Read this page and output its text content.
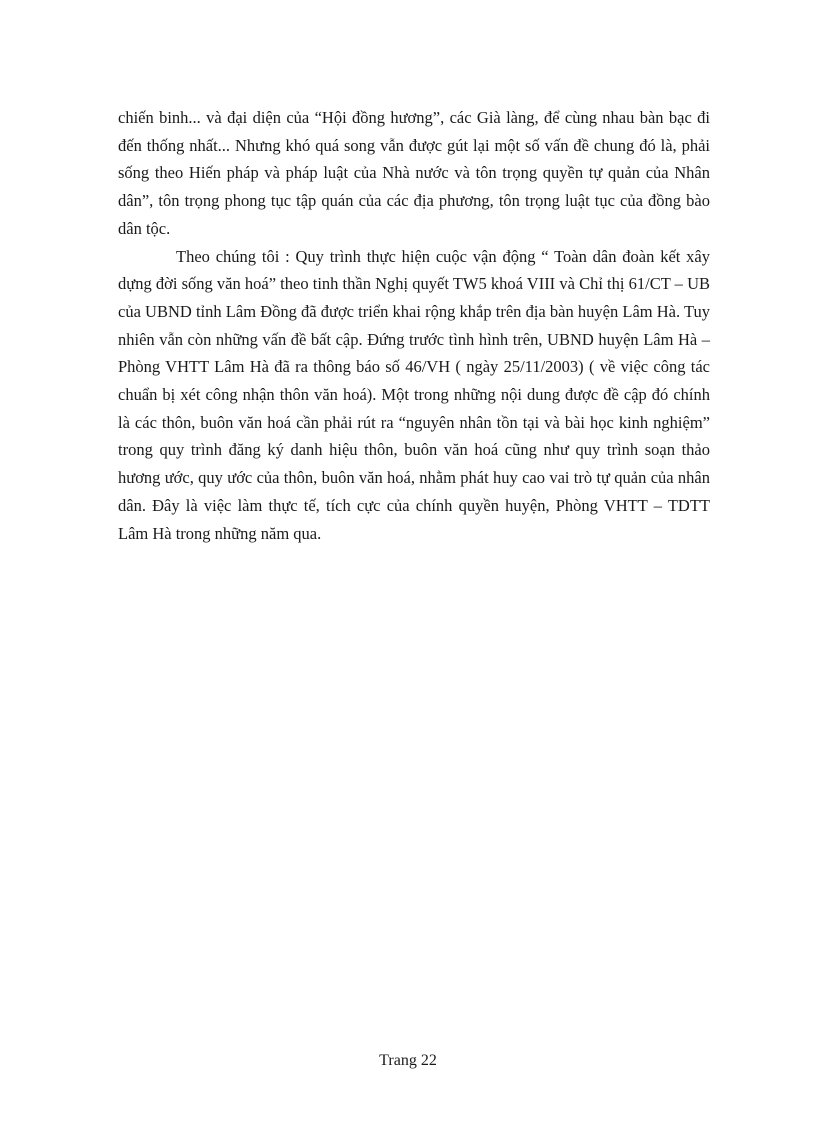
chiến binh... và đại diện của “Hội đồng hương”, các Già làng, để cùng nhau bàn bạc đi đến thống nhất... Nhưng khó quá song vẫn được gút lại một số vấn đề chung đó là, phải sống theo Hiến pháp và pháp luật của Nhà nước và tôn trọng quyền tự quản của Nhân dân”, tôn trọng phong tục tập quán của các địa phương, tôn trọng luật tục của đồng bào dân tộc.

Theo chúng tôi : Quy trình thực hiện cuộc vận động “ Toàn dân đoàn kết xây dựng đời sống văn hoá” theo tinh thần Nghị quyết TW5 khoá VIII và Chỉ thị 61/CT – UB của UBND tỉnh Lâm Đồng đã được triển khai rộng khắp trên địa bàn huyện Lâm Hà. Tuy nhiên vẫn còn những vấn đề bất cập. Đứng trước tình hình trên, UBND huyện Lâm Hà – Phòng VHTT Lâm Hà đã ra thông báo số 46/VH ( ngày 25/11/2003) ( về việc công tác chuẩn bị xét công nhận thôn văn hoá). Một trong những nội dung được đề cập đó chính là các thôn, buôn văn hoá cần phải rút ra “nguyên nhân tồn tại và bài học kinh nghiệm” trong quy trình đăng ký danh hiệu thôn, buôn văn hoá cũng như quy trình soạn thảo hương ước, quy ước của thôn, buôn văn hoá, nhằm phát huy cao vai trò tự quản của nhân dân. Đây là việc làm thực tế, tích cực của chính quyền huyện, Phòng VHTT – TDTT Lâm Hà trong những năm qua.

Trang 22
